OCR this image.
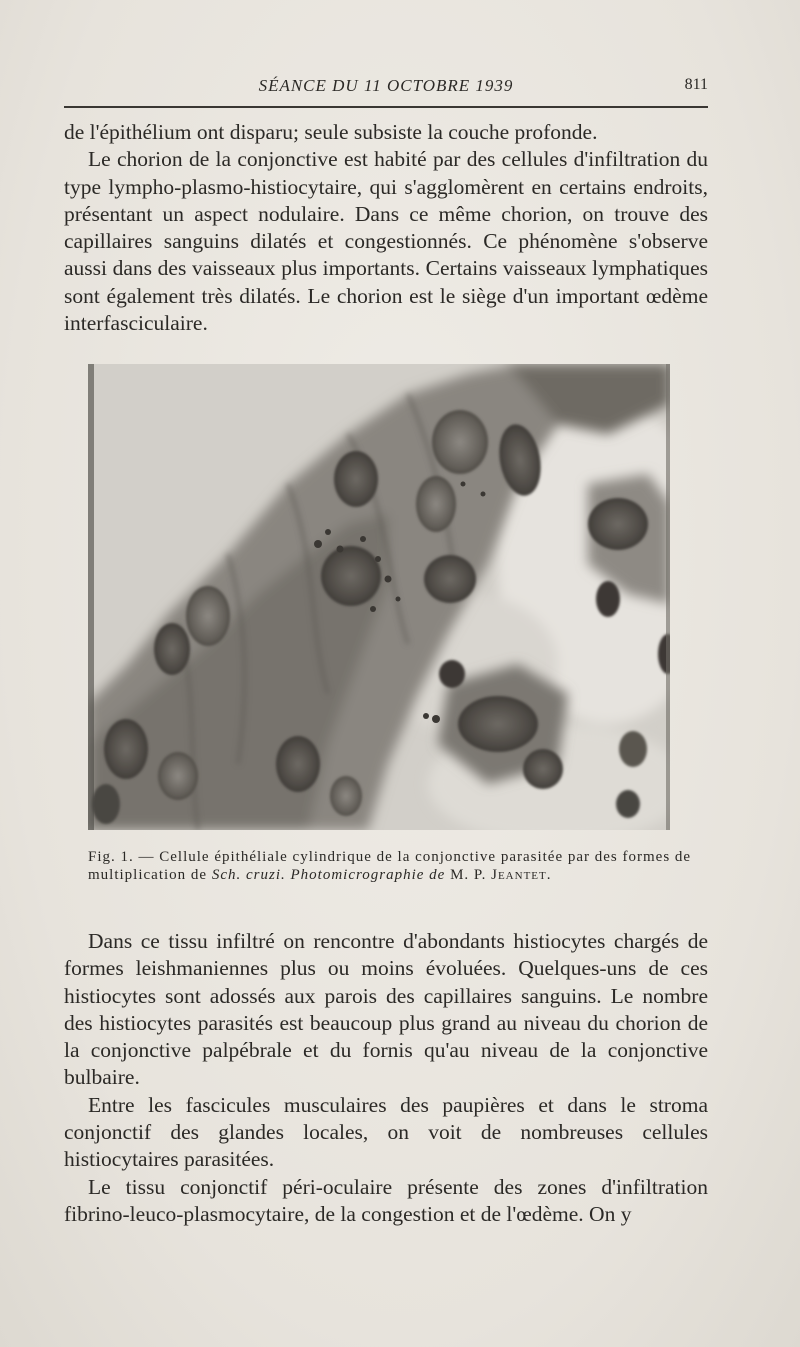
SÉANCE DU 11 OCTOBRE 1939	811
de l'épithélium ont disparu; seule subsiste la couche profonde.
Le chorion de la conjonctive est habité par des cellules d'infiltration du type lympho-plasmo-histiocytaire, qui s'agglomèrent en certains endroits, présentant un aspect nodulaire. Dans ce même chorion, on trouve des capillaires sanguins dilatés et congestionnés. Ce phénomène s'observe aussi dans des vaisseaux plus importants. Certains vaisseaux lymphatiques sont également très dilatés. Le chorion est le siège d'un important œdème interfasciculaire.

Fig. 1. — Cellule épithéliale cylindrique de la conjonctive parasitée par des formes de multiplication de Sch. cruzi. Photomicrographie de M. P. Jeantet.

Dans ce tissu infiltré on rencontre d'abondants histiocytes chargés de formes leishmaniennes plus ou moins évoluées. Quelques-uns de ces histiocytes sont adossés aux parois des capillaires sanguins. Le nombre des histiocytes parasités est beaucoup plus grand au niveau du chorion de la conjonctive palpébrale et du fornis qu'au niveau de la conjonctive bulbaire.
Entre les fascicules musculaires des paupières et dans le stroma conjonctif des glandes locales, on voit de nombreuses cellules histiocytaires parasitées.
Le tissu conjonctif péri-oculaire présente des zones d'infiltration fibrino-leuco-plasmocytaire, de la congestion et de l'œdème. On y
